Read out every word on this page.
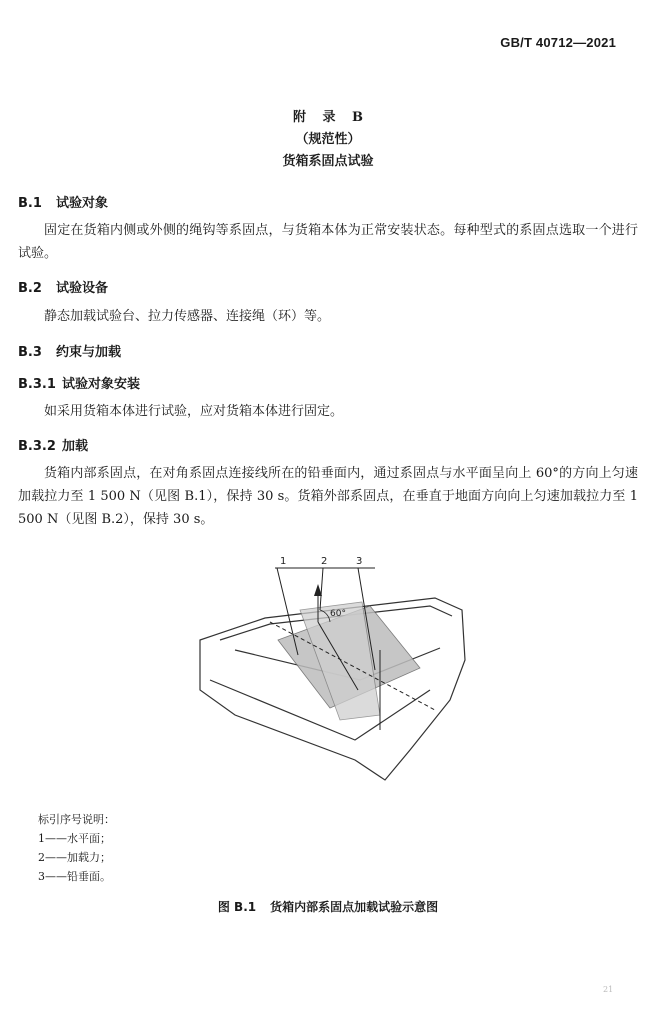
GB/T 40712—2021
附 录 B
（规范性）
货箱系固点试验
B.1 试验对象
固定在货箱内侧或外侧的绳钩等系固点，与货箱本体为正常安装状态。每种型式的系固点选取一个进行试验。
B.2 试验设备
静态加载试验台、拉力传感器、连接绳（环）等。
B.3 约束与加载
B.3.1 试验对象安装
如采用货箱本体进行试验，应对货箱本体进行固定。
B.3.2 加载
货箱内部系固点，在对角系固点连接线所在的铅垂面内，通过系固点与水平面呈向上 60°的方向上匀速加载拉力至 1 500 N（见图 B.1），保持 30 s。货箱外部系固点，在垂直于地面方向向上匀速加载拉力至 1 500 N（见图 B.2），保持 30 s。
1	2	3
60°
标引序号说明：
1——水平面；
2——加载力；
3——铅垂面。
图 B.1 货箱内部系固点加载试验示意图
21
